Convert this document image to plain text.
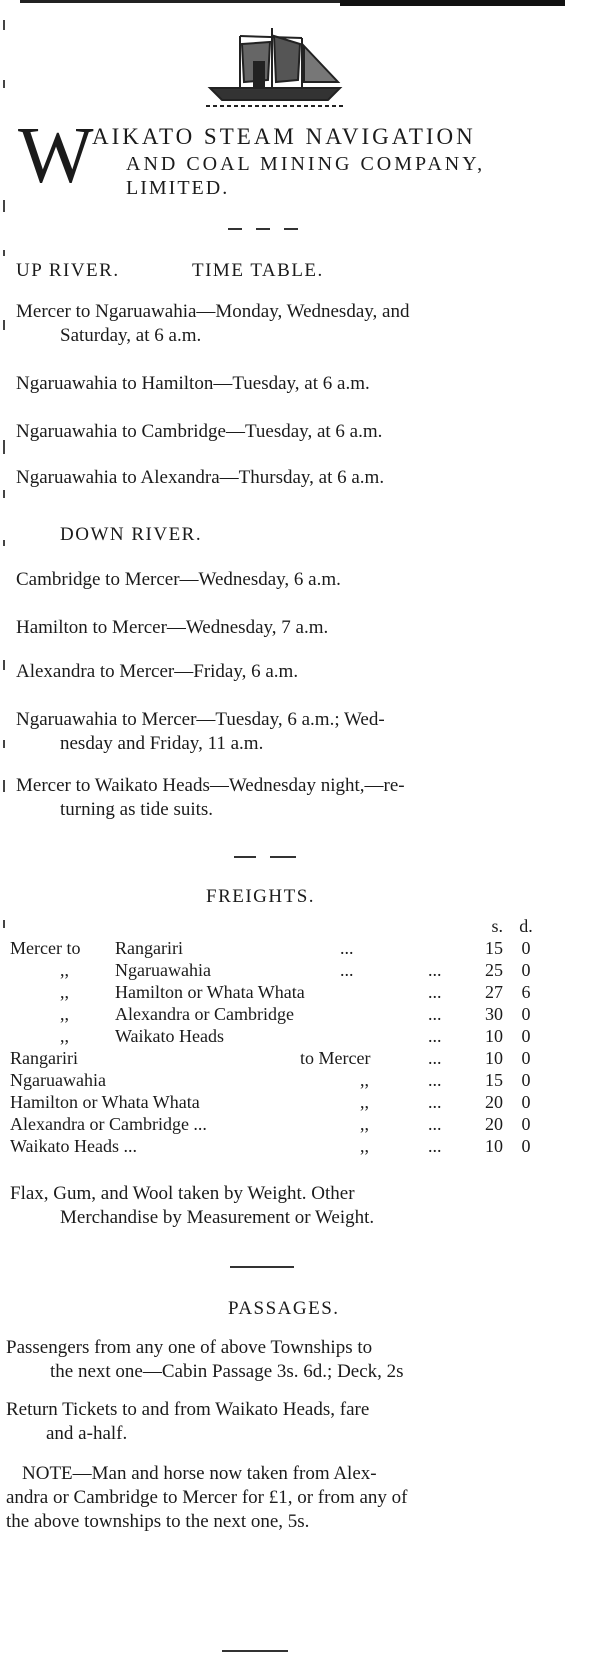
W AIKATO STEAM NAVIGATION
AND COAL MINING COMPANY,
LIMITED.
UP RIVER.	TIME TABLE.
Mercer to Ngaruawahia—Monday, Wednesday, and
Saturday, at 6 a.m.
Ngaruawahia to Hamilton—Tuesday, at 6 a.m.
Ngaruawahia to Cambridge—Tuesday, at 6 a.m.
Ngaruawahia to Alexandra—Thursday, at 6 a.m.
DOWN RIVER.
Cambridge to Mercer—Wednesday, 6 a.m.
Hamilton to Mercer—Wednesday, 7 a.m.
Alexandra to Mercer—Friday, 6 a.m.
Ngaruawahia to Mercer—Tuesday, 6 a.m.; Wed-
nesday and Friday, 11 a.m.
Mercer to Waikato Heads—Wednesday night,—re-
turning as tide suits.
FREIGHTS.
s. d.
Mercer to Rangariri	...	15 0
,,	Ngaruawahia	...	...	25 0
,,	Hamilton or Whata Whata	...	27 6
,,	Alexandra or Cambridge	...	30 0
,,	Waikato Heads	...	10 0
Rangariri	to Mercer	...	10 0
Ngaruawahia	,,	...	15 0
Hamilton or Whata Whata	,,	...	20 0
Alexandra or Cambridge ...	,,	...	20 0
Waikato Heads ...	,,	...	10 0
Flax, Gum, and Wool taken by Weight. Other
Merchandise by Measurement or Weight.
PASSAGES.
Passengers from any one of above Townships to
the next one—Cabin Passage 3s. 6d.; Deck, 2s
Return Tickets to and from Waikato Heads, fare
and a-half.
NOTE—Man and horse now taken from Alex-
andra or Cambridge to Mercer for £1, or from any of
the above townships to the next one, 5s.
